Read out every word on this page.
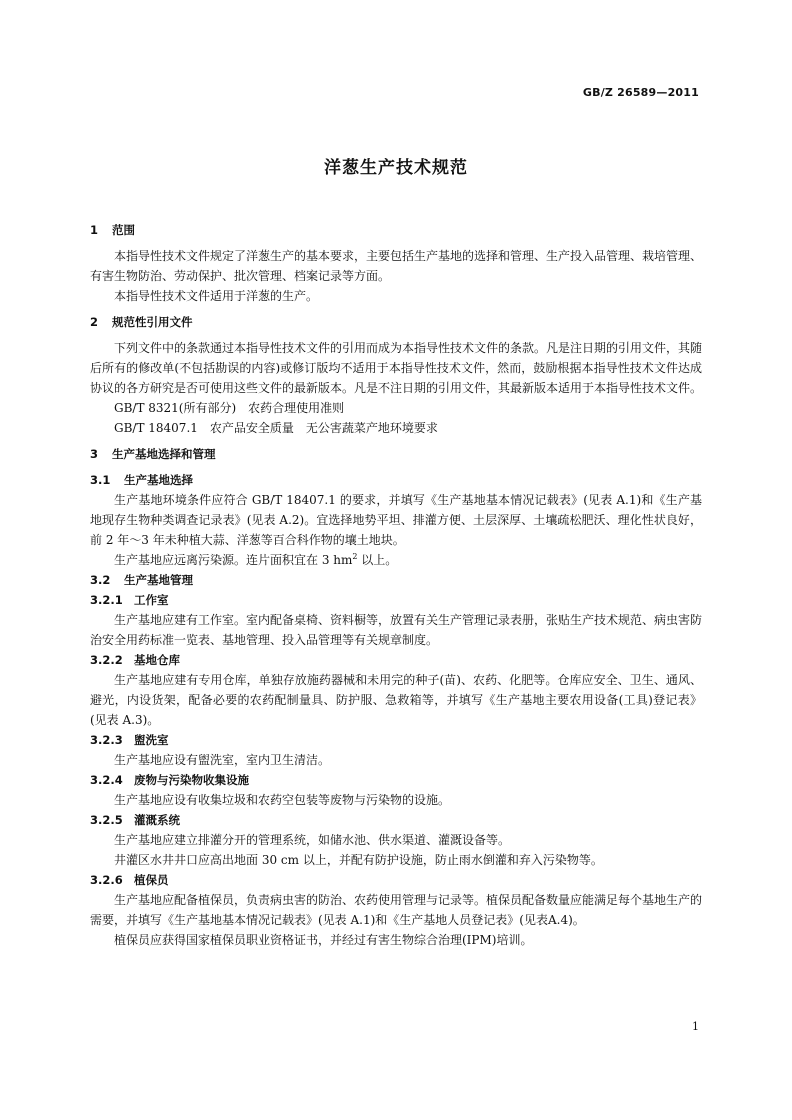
GB/Z 26589—2011
洋葱生产技术规范
1 范围

本指导性技术文件规定了洋葱生产的基本要求，主要包括生产基地的选择和管理、生产投入品管理、栽培管理、有害生物防治、劳动保护、批次管理、档案记录等方面。

本指导性技术文件适用于洋葱的生产。

2 规范性引用文件

下列文件中的条款通过本指导性技术文件的引用而成为本指导性技术文件的条款。凡是注日期的引用文件，其随后所有的修改单(不包括勘误的内容)或修订版均不适用于本指导性技术文件，然而，鼓励根据本指导性技术文件达成协议的各方研究是否可使用这些文件的最新版本。凡是不注日期的引用文件，其最新版本适用于本指导性技术文件。

GB/T 8321(所有部分)　农药合理使用准则

GB/T 18407.1　农产品安全质量　无公害蔬菜产地环境要求

3 生产基地选择和管理
3.1 生产基地选择

生产基地环境条件应符合 GB/T 18407.1 的要求，并填写《生产基地基本情况记载表》(见表 A.1)和《生产基地现存生物种类调查记录表》(见表 A.2)。宜选择地势平坦、排灌方便、土层深厚、土壤疏松肥沃、理化性状良好，前 2 年～3 年未种植大蒜、洋葱等百合科作物的壤土地块。

生产基地应远离污染源。连片面积宜在 3 $hm^2$ 以上。

3.2 生产基地管理
3.2.1 工作室

生产基地应建有工作室。室内配备桌椅、资料橱等，放置有关生产管理记录表册，张贴生产技术规范、病虫害防治安全用药标准一览表、基地管理、投入品管理等有关规章制度。

3.2.2 基地仓库

生产基地应建有专用仓库，单独存放施药器械和未用完的种子(苗)、农药、化肥等。仓库应安全、卫生、通风、避光，内设货架，配备必要的农药配制量具、防护服、急救箱等，并填写《生产基地主要农用设备(工具)登记表》(见表 A.3)。

3.2.3 盥洗室

生产基地应设有盥洗室，室内卫生清洁。

3.2.4 废物与污染物收集设施

生产基地应设有收集垃圾和农药空包装等废物与污染物的设施。

3.2.5 灌溉系统

生产基地应建立排灌分开的管理系统，如储水池、供水渠道、灌溉设备等。

井灌区水井井口应高出地面 30 cm 以上，并配有防护设施，防止雨水倒灌和弃入污染物等。

3.2.6 植保员

生产基地应配备植保员，负责病虫害的防治、农药使用管理与记录等。植保员配备数量应能满足每个基地生产的需要，并填写《生产基地基本情况记载表》(见表 A.1)和《生产基地人员登记表》(见表A.4)。

植保员应获得国家植保员职业资格证书，并经过有害生物综合治理(IPM)培训。

1
